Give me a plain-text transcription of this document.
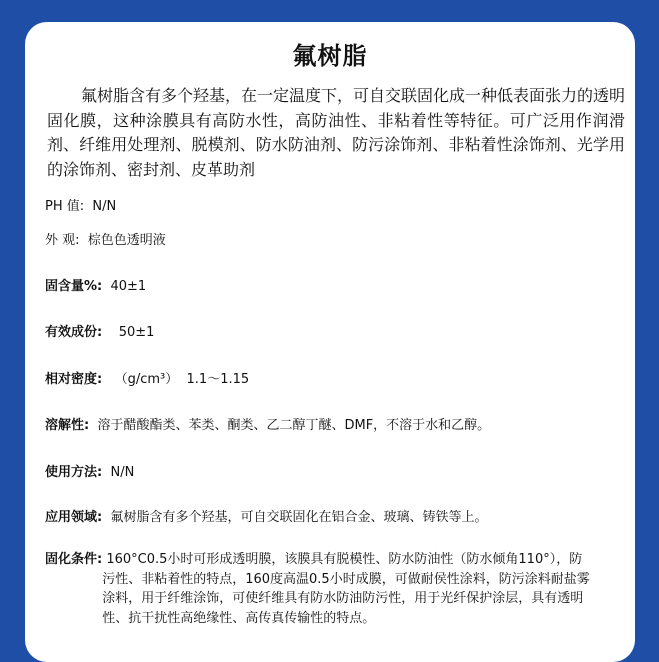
氟树脂
氟树脂含有多个羟基，在一定温度下，可自交联固化成一种低表面张力的透明固化膜，这种涂膜具有高防水性，高防油性、非粘着性等特征。可广泛用作润滑剂、纤维用处理剂、脱模剂、防水防油剂、防污涂饰剂、非粘着性涂饰剂、光学用的涂饰剂、密封剂、皮革助剂
PH 值: N/N
外 观: 棕色色透明液
固含量%: 40±1
有效成份: 50±1
相对密度: （g/cm³）  1.1～1.15
溶解性: 溶于醋酸酯类、苯类、酮类、乙二醇丁醚、DMF，不溶于水和乙醇。
使用方法: N/N
应用领域: 氟树脂含有多个羟基，可自交联固化在铝合金、玻璃、铸铁等上。
固化条件: 160°C0.5小时可形成透明膜，该膜具有脱模性、防水防油性（防水倾角110°），防污性、非粘着性的特点，160度高温0.5小时成膜，可做耐侯性涂料，防污涂料耐盐雾涂料，用于纤维涂饰，可使纤维具有防水防油防污性，用于光纤保护涂层，具有透明性、抗干扰性高绝缘性、高传真传输性的特点。
